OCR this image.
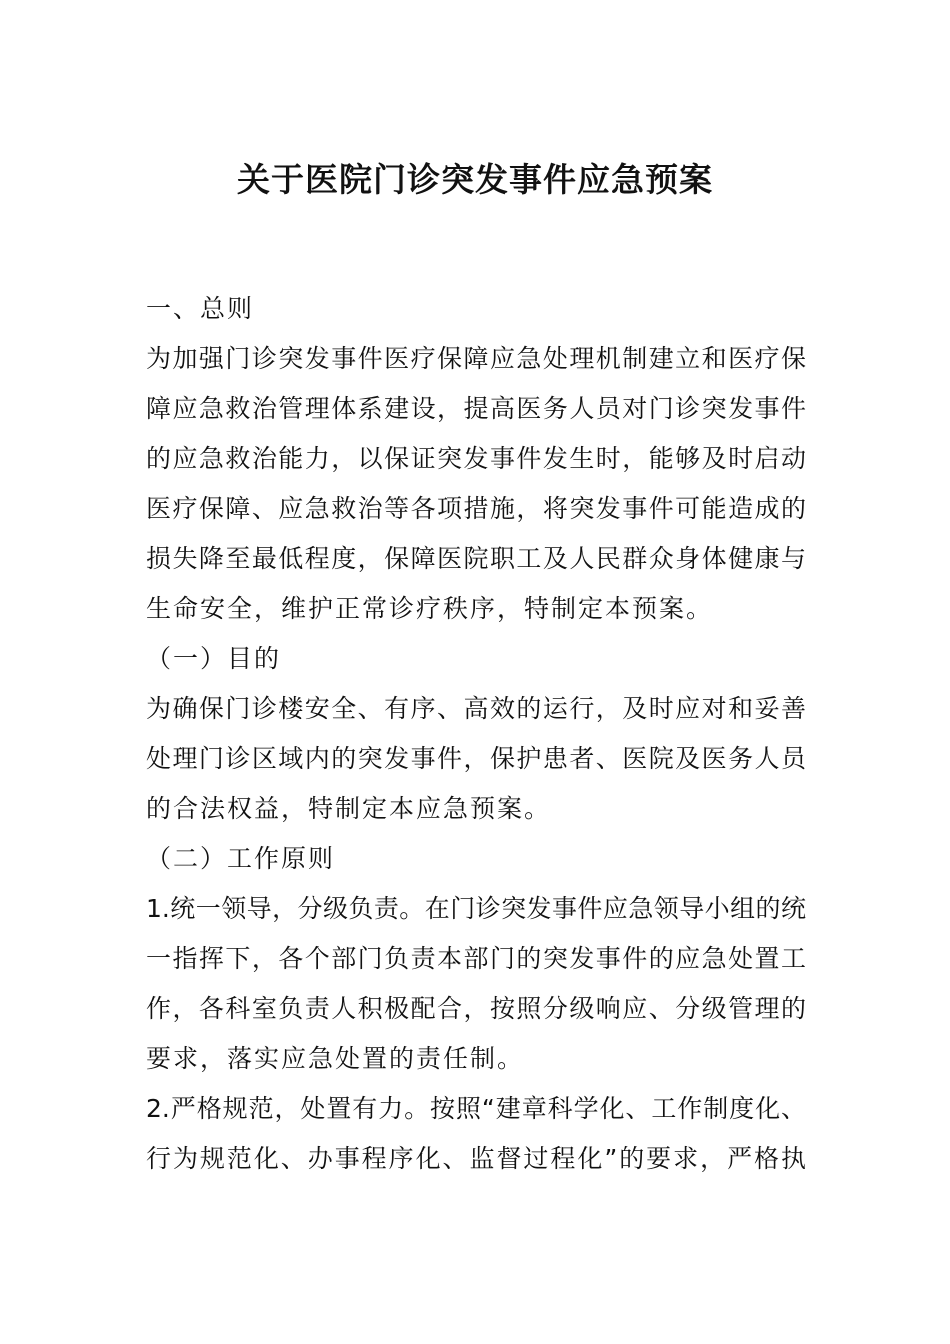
关于医院门诊突发事件应急预案
一、总则
为加强门诊突发事件医疗保障应急处理机制建立和医疗保
障应急救治管理体系建设，提高医务人员对门诊突发事件
的应急救治能力，以保证突发事件发生时，能够及时启动
医疗保障、应急救治等各项措施，将突发事件可能造成的
损失降至最低程度，保障医院职工及人民群众身体健康与
生命安全，维护正常诊疗秩序，特制定本预案。
（一）目的
为确保门诊楼安全、有序、高效的运行，及时应对和妥善
处理门诊区域内的突发事件，保护患者、医院及医务人员
的合法权益，特制定本应急预案。
（二）工作原则
1.统一领导，分级负责。在门诊突发事件应急领导小组的统
一指挥下，各个部门负责本部门的突发事件的应急处置工
作，各科室负责人积极配合，按照分级响应、分级管理的
要求，落实应急处置的责任制。
2.严格规范，处置有力。按照“建章科学化、工作制度化、
行为规范化、办事程序化、监督过程化”的要求，严格执
